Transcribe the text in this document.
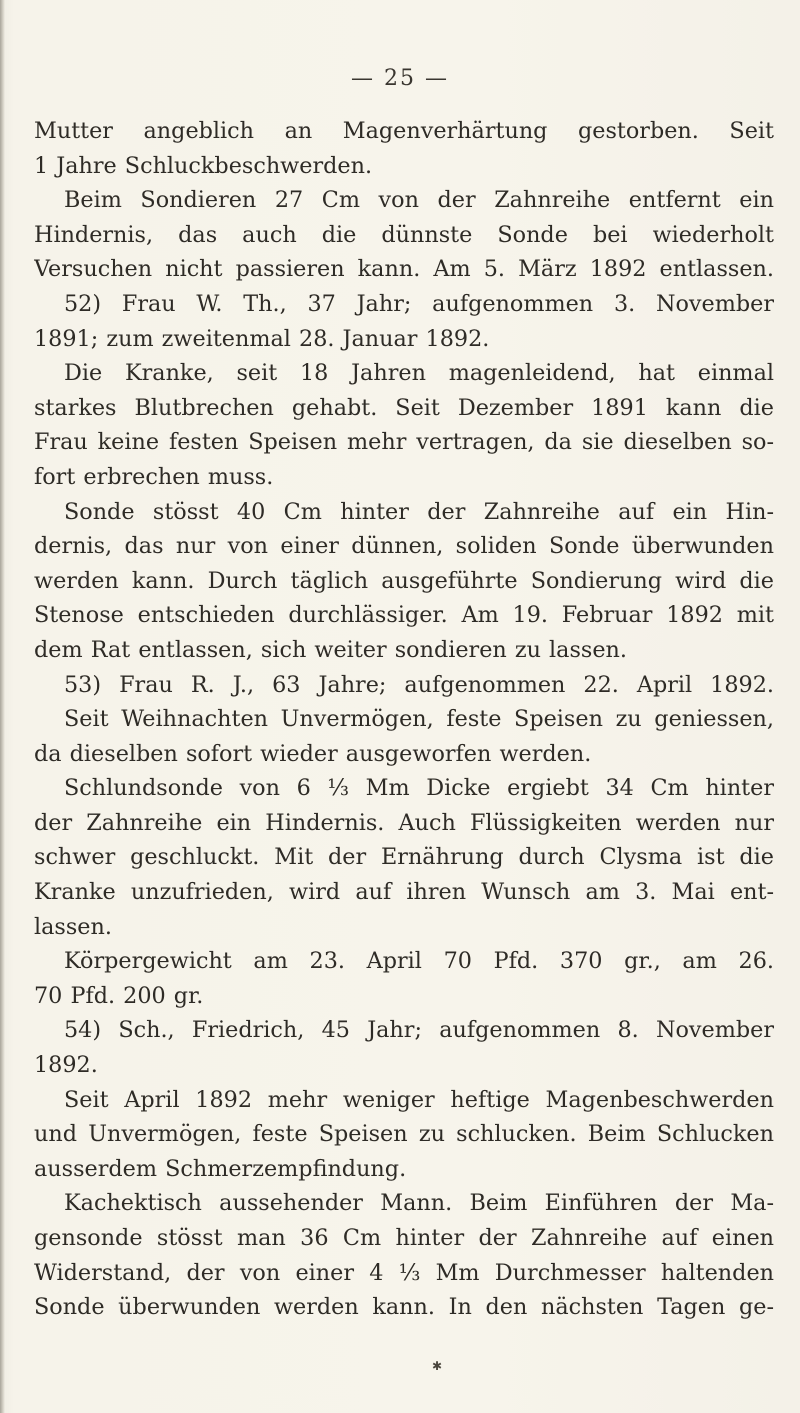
— 25 —
Mutter angeblich an Magenverhärtung gestorben. Seit
1 Jahre Schluckbeschwerden.
Beim Sondieren 27 Cm von der Zahnreihe entfernt ein
Hindernis, das auch die dünnste Sonde bei wiederholt
Versuchen nicht passieren kann. Am 5. März 1892 entlassen.
52) Frau W. Th., 37 Jahr; aufgenommen 3. November
1891; zum zweitenmal 28. Januar 1892.
Die Kranke, seit 18 Jahren magenleidend, hat einmal
starkes Blutbrechen gehabt. Seit Dezember 1891 kann die
Frau keine festen Speisen mehr vertragen, da sie dieselben so-
fort erbrechen muss.
Sonde stösst 40 Cm hinter der Zahnreihe auf ein Hin-
dernis, das nur von einer dünnen, soliden Sonde überwunden
werden kann. Durch täglich ausgeführte Sondierung wird die
Stenose entschieden durchlässiger. Am 19. Februar 1892 mit
dem Rat entlassen, sich weiter sondieren zu lassen.
53) Frau R. J., 63 Jahre; aufgenommen 22. April 1892.
Seit Weihnachten Unvermögen, feste Speisen zu geniessen,
da dieselben sofort wieder ausgeworfen werden.
Schlundsonde von 6 ⅓ Mm Dicke ergiebt 34 Cm hinter
der Zahnreihe ein Hindernis. Auch Flüssigkeiten werden nur
schwer geschluckt. Mit der Ernährung durch Clysma ist die
Kranke unzufrieden, wird auf ihren Wunsch am 3. Mai ent-
lassen.
Körpergewicht am 23. April 70 Pfd. 370 gr., am 26.
70 Pfd. 200 gr.
54) Sch., Friedrich, 45 Jahr; aufgenommen 8. November
1892.
Seit April 1892 mehr weniger heftige Magenbeschwerden
und Unvermögen, feste Speisen zu schlucken. Beim Schlucken
ausserdem Schmerzempfindung.
Kachektisch aussehender Mann. Beim Einführen der Ma-
gensonde stösst man 36 Cm hinter der Zahnreihe auf einen
Widerstand, der von einer 4 ⅓ Mm Durchmesser haltenden
Sonde überwunden werden kann. In den nächsten Tagen ge-
✱
